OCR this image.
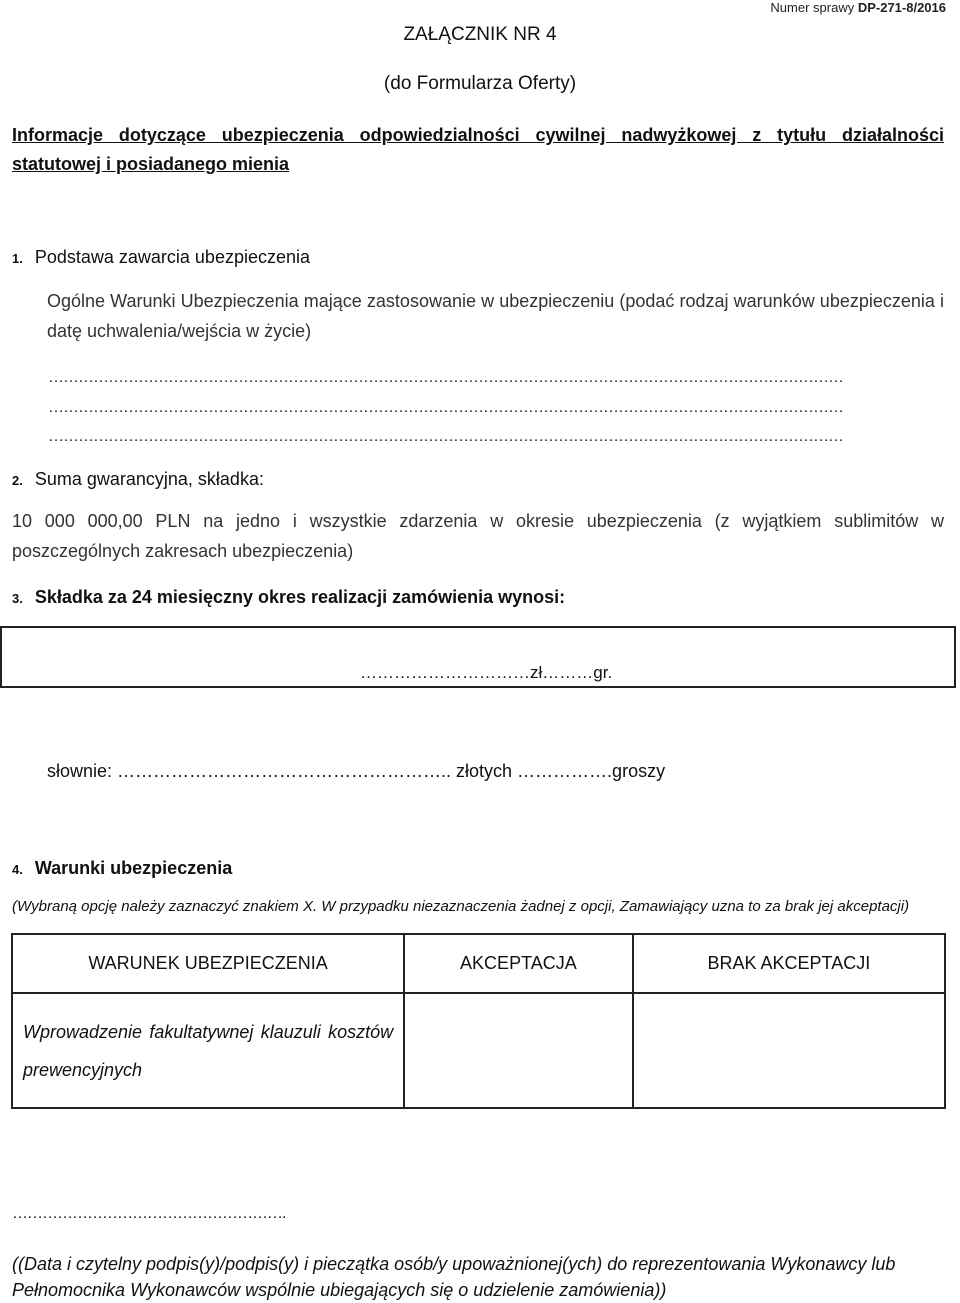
Numer sprawy DP-271-8/2016
ZAŁĄCZNIK NR 4
(do Formularza Oferty)
Informacje dotyczące ubezpieczenia odpowiedzialności cywilnej nadwyżkowej z tytułu działalności statutowej i posiadanego mienia
1. Podstawa zawarcia ubezpieczenia
Ogólne Warunki Ubezpieczenia mające zastosowanie w ubezpieczeniu (podać rodzaj warunków ubezpieczenia i datę uchwalenia/wejścia w życie)
……………………………………………………………………………………………………………………………………………
……………………………………………………………………………………………………………………………………………
……………………………………………………………………………………………………………………………………………
2. Suma gwarancyjna, składka:
10 000 000,00 PLN na jedno i wszystkie zdarzenia w okresie ubezpieczenia (z wyjątkiem sublimitów w poszczególnych zakresach ubezpieczenia)
3. Składka za 24 miesięczny okres realizacji zamówienia wynosi:
…………………………zł………gr.
słownie: ……………………………………………….. złotych …………….groszy
4. Warunki ubezpieczenia
(Wybraną opcję należy zaznaczyć znakiem X. W przypadku niezaznaczenia żadnej z opcji, Zamawiający uzna to za brak jej akceptacji)
WARUNEK UBEZPIECZENIA	AKCEPTACJA	BRAK AKCEPTACJI
Wprowadzenie fakultatywnej klauzuli kosztów prewencyjnych		
……………………………………………….
((Data i czytelny podpis(y)/podpis(y) i pieczątka osób/y upoważnionej(ych) do reprezentowania Wykonawcy lub Pełnomocnika Wykonawców wspólnie ubiegających się o udzielenie zamówienia))
